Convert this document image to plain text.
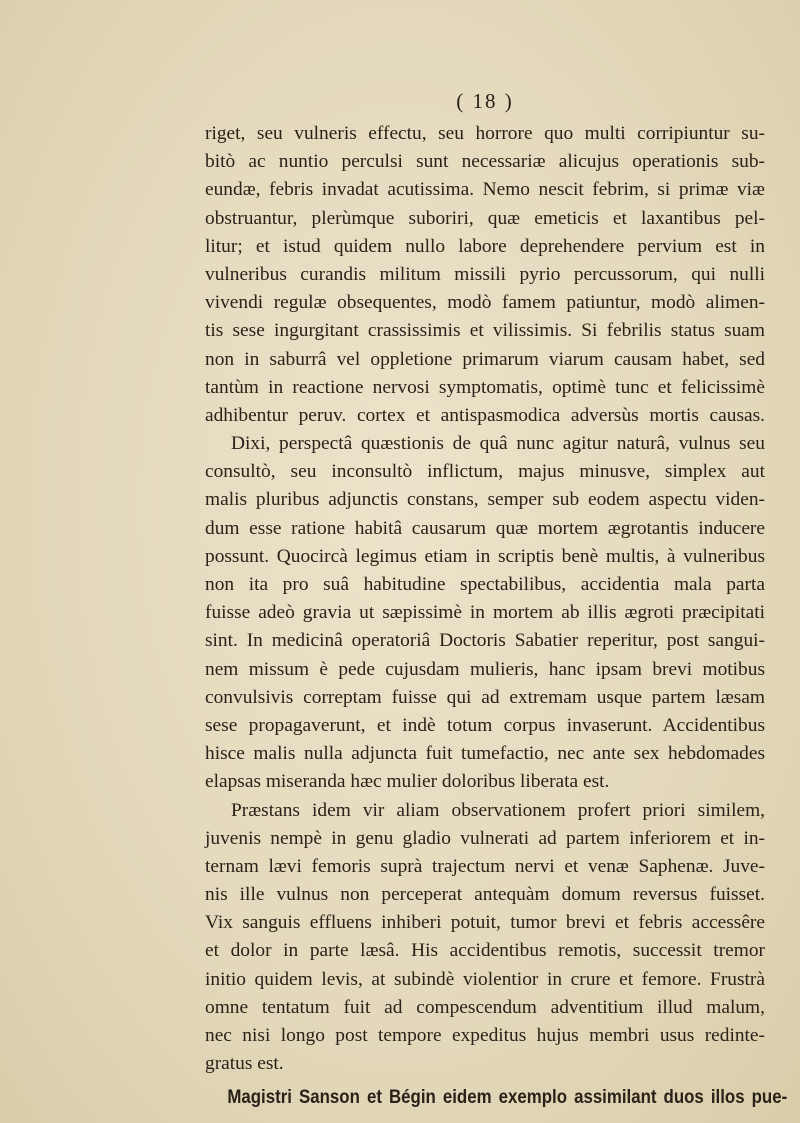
( 18 )
riget, seu vulneris effectu, seu horrore quo multi corripiuntur su-
bitò ac nuntio perculsi sunt necessariæ alicujus operationis sub-
eundæ, febris invadat acutissima. Nemo nescit febrim, si primæ viæ
obstruantur, plerùmque suboriri, quæ emeticis et laxantibus pel-
litur; et istud quidem nullo labore deprehendere pervium est in
vulneribus curandis militum missili pyrio percussorum, qui nulli
vivendi regulæ obsequentes, modò famem patiuntur, modò alimen-
tis sese ingurgitant crassissimis et vilissimis. Si febrilis status suam
non in saburrâ vel oppletione primarum viarum causam habet, sed
tantùm in reactione nervosi symptomatis, optimè tunc et felicissimè
adhibentur peruv. cortex et antispasmodica adversùs mortis causas.
Dixi, perspectâ quæstionis de quâ nunc agitur naturâ, vulnus seu
consultò, seu inconsultò inflictum, majus minusve, simplex aut
malis pluribus adjunctis constans, semper sub eodem aspectu viden-
dum esse ratione habitâ causarum quæ mortem ægrotantis inducere
possunt. Quocircà legimus etiam in scriptis benè multis, à vulneribus
non ita pro suâ habitudine spectabilibus, accidentia mala parta
fuisse adeò gravia ut sæpissimè in mortem ab illis ægroti præcipitati
sint. In medicinâ operatoriâ Doctoris Sabatier reperitur, post sangui-
nem missum è pede cujusdam mulieris, hanc ipsam brevi motibus
convulsivis correptam fuisse qui ad extremam usque partem læsam
sese propagaverunt, et indè totum corpus invaserunt. Accidentibus
hisce malis nulla adjuncta fuit tumefactio, nec ante sex hebdomades
elapsas miseranda hæc mulier doloribus liberata est.
Præstans idem vir aliam observationem profert priori similem,
juvenis nempè in genu gladio vulnerati ad partem inferiorem et in-
ternam lævi femoris suprà trajectum nervi et venæ Saphenæ. Juve-
nis ille vulnus non perceperat antequàm domum reversus fuisset.
Vix sanguis effluens inhiberi potuit, tumor brevi et febris accessêre
et dolor in parte læsâ. His accidentibus remotis, successit tremor
initio quidem levis, at subindè violentior in crure et femore. Frustrà
omne tentatum fuit ad compescendum adventitium illud malum,
nec nisi longo post tempore expeditus hujus membri usus redinte-
gratus est.
Magistri Sanson et Bégin eidem exemplo assimilant duos illos pue-
